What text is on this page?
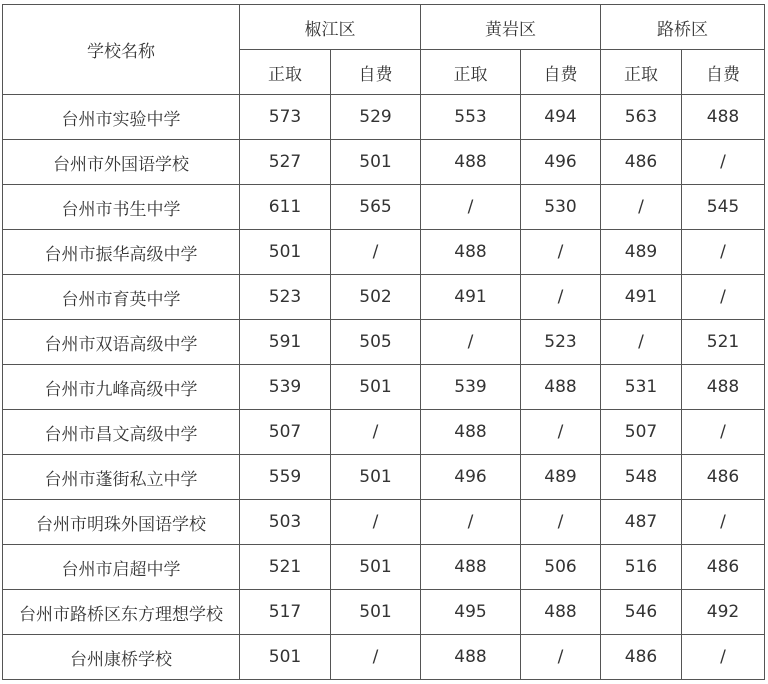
学校名称	椒江区		黄岩区		路桥区	
	正取	自费	正取	自费	正取	自费
台州市实验中学	573	529	553	494	563	488
台州市外国语学校	527	501	488	496	486	/
台州市书生中学	611	565	/	530	/	545
台州市振华高级中学	501	/	488	/	489	/
台州市育英中学	523	502	491	/	491	/
台州市双语高级中学	591	505	/	523	/	521
台州市九峰高级中学	539	501	539	488	531	488
台州市昌文高级中学	507	/	488	/	507	/
台州市蓬街私立中学	559	501	496	489	548	486
台州市明珠外国语学校	503	/	/	/	487	/
台州市启超中学	521	501	488	506	516	486
台州市路桥区东方理想学校	517	501	495	488	546	492
台州康桥学校	501	/	488	/	486	/
